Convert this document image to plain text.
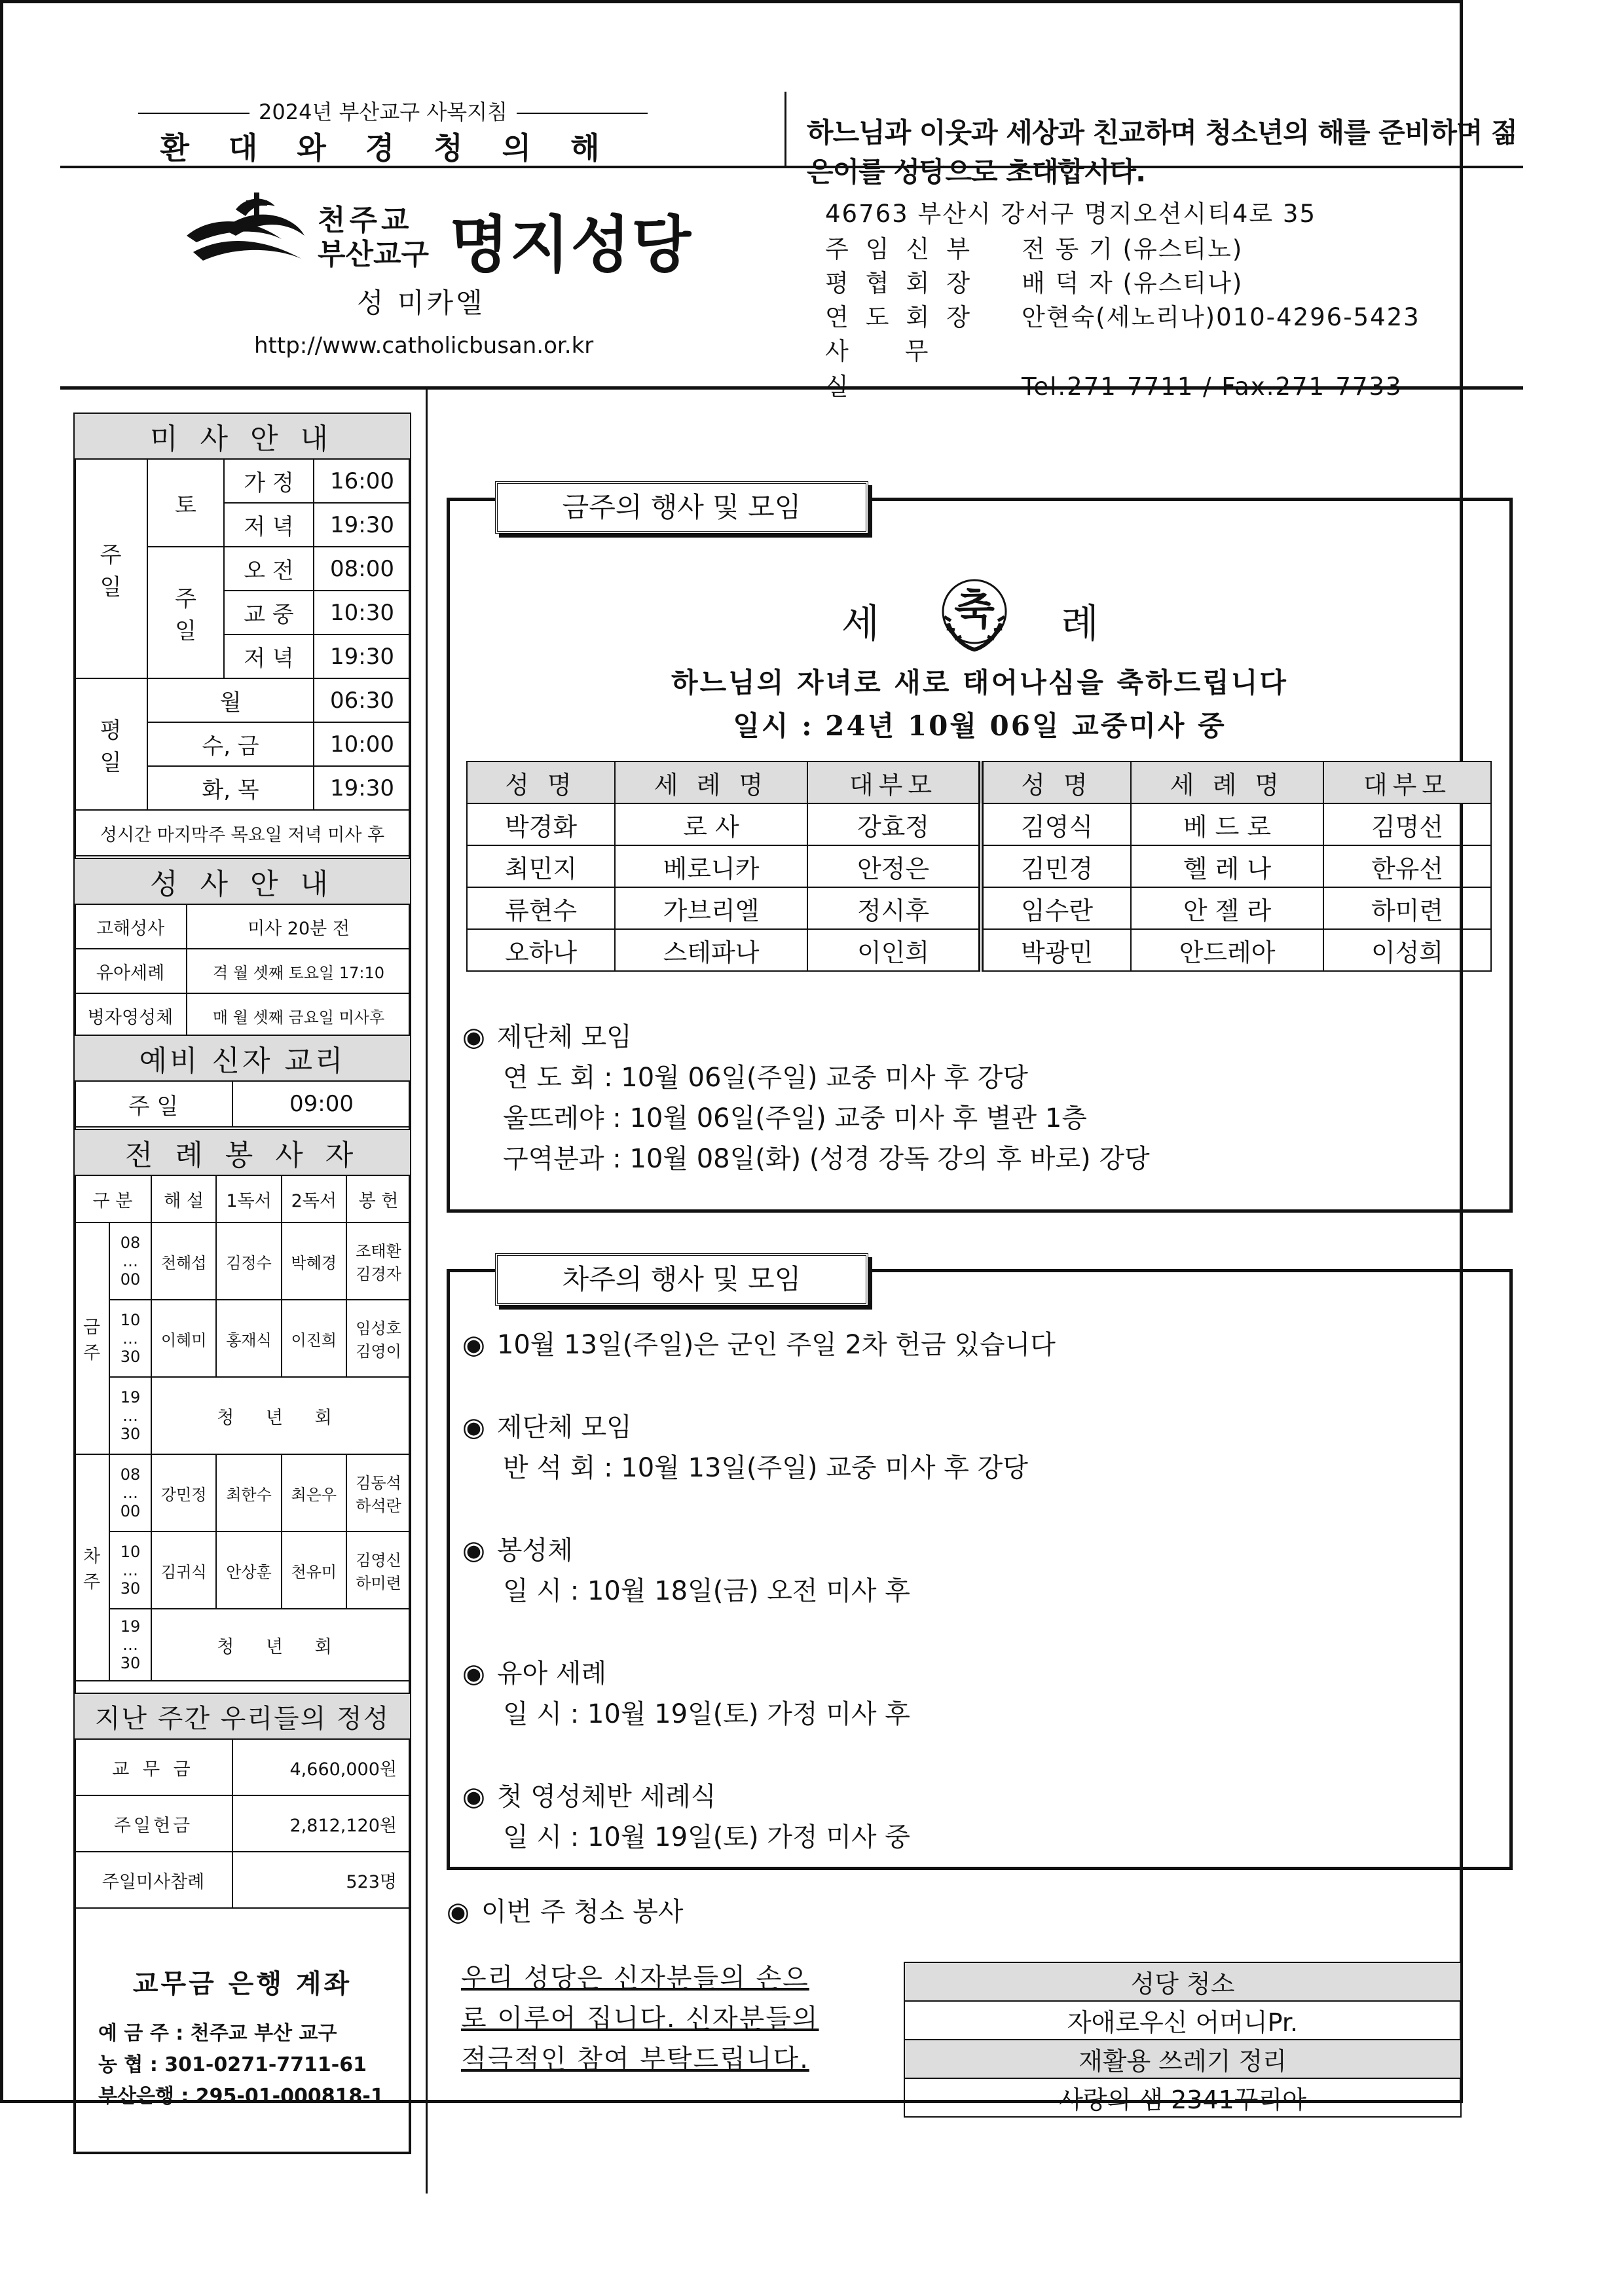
2024년 부산교구 사목지침
환대와경청의해	하느님과 이웃과 세상과 친교하며 청소년의 해를 준비하며 젊은이를 성당으로 초대합시다.
천주교
부산교구 명지성당
성 미카엘
http://www.catholicbusan.or.kr
46763 부산시 강서구 명지오션시티4로 35
주임신부 전 동 기 (유스티노)
평협회장 배 덕 자 (유스티나)
연도회장 안현숙(세노리나)010-4296-5423
사무실	Tel.271-7711 / Fax.271-7733
미 사 안 내			
주일	토	가 정	16:00
		저 녁	19:30
	주일	오 전	08:00
		교 중	10:30
		저 녁	19:30
평일	월		06:30
	수, 금		10:00
	화, 목		19:30
성시간 마지막주 목요일 저녁 미사 후			
성 사 안 내	
고해성사	미사 20분 전
유아세례	격 월 셋째 토요일 17:10
병자영성체	매 월 셋째 금요일 미사후
예비 신자 교리
주 일	09:00
전 례 봉 사 자					
구 분		해 설	1독서	2독서	봉 헌
금주	08 … 00	천해섭	김정수	박혜경	조태환 김경자
	10 … 30	이혜미	홍재식	이진희	임성호 김영이
	19 … 30	청 년 회			
차주	08 … 00	강민정	최한수	최은우	김동석 하석란
	10 … 30	김귀식	안상훈	천유미	김영신 하미련
	19 … 30	청 년 회			
지난 주간 우리들의 정성	
교 무 금	4,660,000원
주일헌금	2,812,120원
주일미사참례	523명
교무금 은행 계좌
예 금 주 : 천주교 부산 교구
농 협 : 301-0271-7711-61
부산은행 : 295-01-000818-1
금주의 행사 및 모임
세 축 례
하느님의 자녀로 새로 태어나심을 축하드립니다
일시 : 24년 10월 06일 교중미사 중
성 명	세 례 명	대부모	성 명	세 례 명	대부모
박경화	로 사	강효정	김영식	베 드 로	김명선
최민지	베로니카	안정은	김민경	헬 레 나	한유선
류현수	가브리엘	정시후	임수란	안 젤 라	하미련
오하나	스테파나	이인희	박광민	안드레아	이성희
◉ 제단체 모임
연 도 회 : 10월 06일(주일) 교중 미사 후 강당
울뜨레야 : 10월 06일(주일) 교중 미사 후 별관 1층
구역분과 : 10월 08일(화) (성경 강독 강의 후 바로) 강당
차주의 행사 및 모임
◉ 10월 13일(주일)은 군인 주일 2차 헌금 있습니다
◉ 제단체 모임
반 석 회 : 10월 13일(주일) 교중 미사 후 강당
◉ 봉성체
일 시 : 10월 18일(금) 오전 미사 후
◉ 유아 세례
일 시 : 10월 19일(토) 가정 미사 후
◉ 첫 영성체반 세례식
일 시 : 10월 19일(토) 가정 미사 중
◉ 이번 주 청소 봉사
우리 성당은 신자분들의 손으
로 이루어 집니다. 신자분들의
적극적인 참여 부탁드립니다.
성당 청소
자애로우신 어머니Pr.
재활용 쓰레기 정리
사랑의 샘 2341꾸리아
